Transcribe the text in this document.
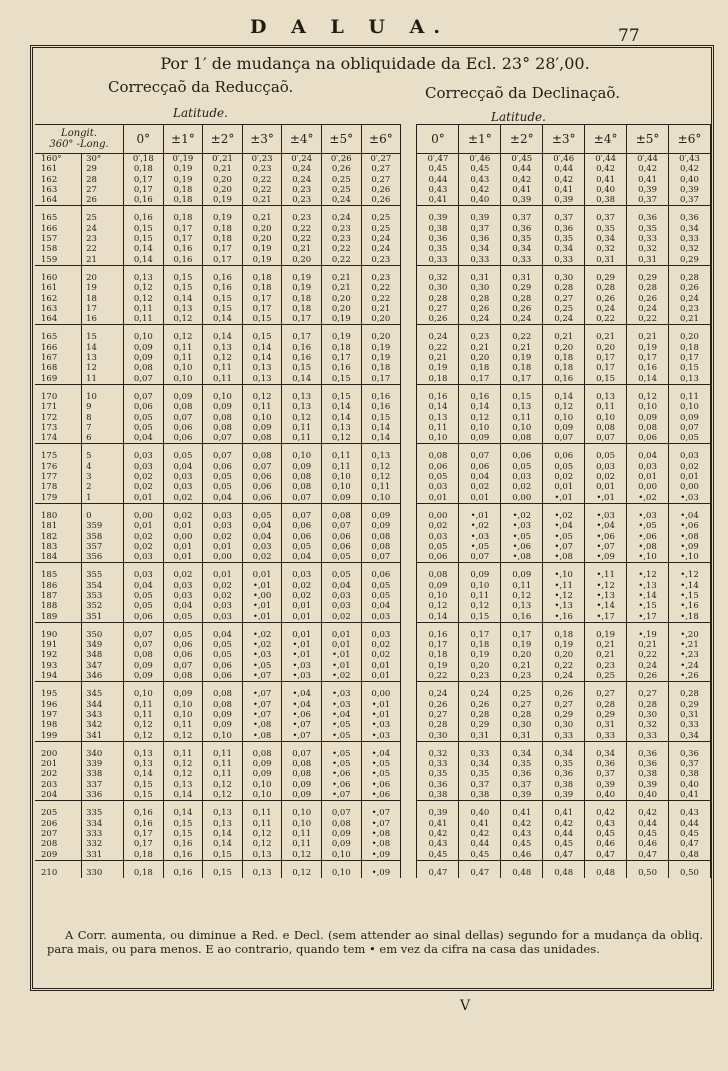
D A L U A.	77
Por 1′ de mudança na obliquidade da Ecl. 23° 28′,00.
Correcçaõ da Reducçaõ.	Correcçaõ da Declinaçaõ.
Latitude.	Latitude.
Longit.
360° -Long.		0°	±1°	±2°	±3°	±4°	±5°	±6°		0°	±1°	±2°	±3°	±4°	±5°	±6°
160°	30°	0′,18	0′,19	0′,21	0′,23	0′,24	0′,26	0′,27		0′,47	0′,46	0′,45	0′,46	0′,44	0′,44	0′,43
161	29	0,18	0,19	0,21	0,23	0,24	0,26	0,27		0,45	0,45	0,44	0,44	0,42	0,42	0,42
162	28	0,17	0,19	0,20	0,22	0,24	0,25	0,27		0,44	0,43	0,42	0,42	0,41	0,41	0,40
163	27	0,17	0,18	0,20	0,22	0,23	0,25	0,26		0,43	0,42	0,41	0,41	0,40	0,39	0,39
164	26	0,16	0,18	0,19	0,21	0,23	0,24	0,26		0,41	0,40	0,39	0,39	0,38	0,37	0,37
165	25	0,16	0,18	0,19	0,21	0,23	0,24	0,25		0,39	0,39	0,37	0,37	0,37	0,36	0,36
166	24	0,15	0,17	0,18	0,20	0,22	0,23	0,25		0,38	0,37	0,36	0,36	0,35	0,35	0,34
157	23	0,15	0,17	0,18	0,20	0,22	0,23	0,24		0,36	0,36	0,35	0,35	0,34	0,33	0,33
158	22	0,14	0,16	0,17	0,19	0,21	0,22	0,24		0,35	0,34	0,34	0,34	0,32	0,32	0,32
159	21	0,14	0,16	0,17	0,19	0,20	0,22	0,23		0,33	0,33	0,33	0,33	0,31	0,31	0,29
160	20	0,13	0,15	0,16	0,18	0,19	0,21	0,23		0,32	0,31	0,31	0,30	0,29	0,29	0,28
161	19	0,12	0,15	0,16	0,18	0,19	0,21	0,22		0,30	0,30	0,29	0,28	0,28	0,28	0,26
162	18	0,12	0,14	0,15	0,17	0,18	0,20	0,22		0,28	0,28	0,28	0,27	0,26	0,26	0,24
163	17	0,11	0,13	0,15	0,17	0,18	0,20	0,21		0,27	0,26	0,26	0,25	0,24	0,24	0,23
164	16	0,11	0,12	0,14	0,15	0,17	0,19	0,20		0,26	0,24	0,24	0,24	0,22	0,22	0,21
165	15	0,10	0,12	0,14	0,15	0,17	0,19	0,20		0,24	0,23	0,22	0,21	0,21	0,21	0,20
166	14	0,09	0,11	0,13	0,14	0,16	0,18	0,19		0,22	0,21	0,21	0,20	0,20	0,19	0,18
167	13	0,09	0,11	0,12	0,14	0,16	0,17	0,19		0,21	0,20	0,19	0,18	0,17	0,17	0,17
168	12	0,08	0,10	0,11	0,13	0,15	0,16	0,18		0,19	0,18	0,18	0,18	0,17	0,16	0,15
169	11	0,07	0,10	0,11	0,13	0,14	0,15	0,17		0,18	0,17	0,17	0,16	0,15	0,14	0,13
170	10	0,07	0,09	0,10	0,12	0,13	0,15	0,16		0,16	0,16	0,15	0,14	0,13	0,12	0,11
171	9	0,06	0,08	0,09	0,11	0,13	0,14	0,16		0,14	0,14	0,13	0,12	0,11	0,10	0,10
172	8	0,05	0,07	0,08	0,10	0,12	0,14	0,15		0,13	0,12	0,11	0,10	0,10	0,09	0,09
173	7	0,05	0,06	0,08	0,09	0,11	0,13	0,14		0,11	0,10	0,10	0,09	0,08	0,08	0,07
174	6	0,04	0,06	0,07	0,08	0,11	0,12	0,14		0,10	0,09	0,08	0,07	0,07	0,06	0,05
175	5	0,03	0,05	0,07	0,08	0,10	0,11	0,13		0,08	0,07	0,06	0,06	0,05	0,04	0,03
176	4	0,03	0,04	0,06	0,07	0,09	0,11	0,12		0,06	0,06	0,05	0,05	0,03	0,03	0,02
177	3	0,02	0,03	0,05	0,06	0,08	0,10	0,12		0,05	0,04	0,03	0,02	0,02	0,01	0,01
178	2	0,02	0,03	0,05	0,06	0,08	0,10	0,11		0,03	0,02	0,02	0,01	0,01	0,00	0,00
179	1	0,01	0,02	0,04	0,06	0,07	0,09	0,10		0,01	0,01	0,00	•,01	•,01	•,02	•,03
180	0	0,00	0,02	0,03	0,05	0,07	0,08	0,09		0,00	•,01	•,02	•,02	•,03	•,03	•,04
181	359	0,01	0,01	0,03	0,04	0,06	0,07	0,09		0,02	•,02	•,03	•,04	•,04	•,05	•,06
182	358	0,02	0,00	0,02	0,04	0,06	0,06	0,08		0,03	•,03	•,05	•,05	•,06	•,06	•,08
183	357	0,02	0,01	0,01	0,03	0,05	0,06	0,08		0,05	•,05	•,06	•,07	•,07	•,08	•,09
184	356	0,03	0,01	0,00	0,02	0,04	0,05	0,07		0,06	0,07	•,08	•,08	•,09	•,10	•,10
185	355	0,03	0,02	0,01	0,01	0,03	0,05	0,06		0,08	0,09	0,09	•,10	•,11	•,12	•,12
186	354	0,04	0,03	0,02	•,01	0,02	0,04	0,05		0,09	0,10	0,11	•,11	•,12	•,13	•,14
187	353	0,05	0,03	0,02	•,00	0,02	0,03	0,05		0,10	0,11	0,12	•,12	•,13	•,14	•,15
188	352	0,05	0,04	0,03	•,01	0,01	0,03	0,04		0,12	0,12	0,13	•,13	•,14	•,15	•,16
189	351	0,06	0,05	0,03	•,01	0,01	0,02	0,03		0,14	0,15	0,16	•,16	•,17	•,17	•,18
190	350	0,07	0,05	0,04	•,02	0,01	0,01	0,03		0,16	0,17	0,17	0,18	0,19	•,19	•,20
191	349	0,07	0,06	0,05	•,02	•,01	0,01	0,02		0,17	0,18	0,19	0,19	0,21	0,21	•,21
192	348	0,08	0,06	0,05	•,03	•,01	•,01	0,02		0,18	0,19	0,20	0,20	0,21	0,22	•,23
193	347	0,09	0,07	0,06	•,05	•,03	•,01	0,01		0,19	0,20	0,21	0,22	0,23	0,24	•,24
194	346	0,09	0,08	0,06	•,07	•,03	•,02	0,01		0,22	0,23	0,23	0,24	0,25	0,26	•,26
195	345	0,10	0,09	0,08	•,07	•,04	•,03	0,00		0,24	0,24	0,25	0,26	0,27	0,27	0,28
196	344	0,11	0,10	0,08	•,07	•,04	•,03	•,01		0,26	0,26	0,27	0,27	0,28	0,28	0,29
197	343	0,11	0,10	0,09	•,07	•,06	•,04	•,01		0,27	0,28	0,28	0,29	0,29	0,30	0,31
198	342	0,12	0,11	0,09	•,08	•,07	•,05	•,03		0,28	0,29	0,30	0,30	0,31	0,32	0,33
199	341	0,12	0,12	0,10	•,08	•,07	•,05	•,03		0,30	0,31	0,31	0,33	0,33	0,33	0,34
200	340	0,13	0,11	0,11	0,08	0,07	•,05	•,04		0,32	0,33	0,34	0,34	0,34	0,36	0,36
201	339	0,13	0,12	0,11	0,09	0,08	•,05	•,05		0,33	0,34	0,35	0,35	0,36	0,36	0,37
202	338	0,14	0,12	0,11	0,09	0,08	•,06	•,05		0,35	0,35	0,36	0,36	0,37	0,38	0,38
203	337	0,15	0,13	0,12	0,10	0,09	•,06	•,06		0,36	0,37	0,37	0,38	0,39	0,39	0,40
204	336	0,15	0,14	0,12	0,10	0,09	•,07	•,06		0,38	0,38	0,39	0,39	0,40	0,40	0,41
205	335	0,16	0,14	0,13	0,11	0,10	0,07	•,07		0,39	0,40	0,41	0,41	0,42	0,42	0,43
206	334	0,16	0,15	0,13	0,11	0,10	0,08	•,07		0,41	0,41	0,42	0,42	0,43	0,44	0,44
207	333	0,17	0,15	0,14	0,12	0,11	0,09	•,08		0,42	0,42	0,43	0,44	0,45	0,45	0,45
208	332	0,17	0,16	0,14	0,12	0,11	0,09	•,08		0,43	0,44	0,45	0,45	0,46	0,46	0,47
209	331	0,18	0,16	0,15	0,13	0,12	0,10	•,09		0,45	0,45	0,46	0,47	0,47	0,47	0,48
210	330	0,18	0,16	0,15	0,13	0,12	0,10	•,09		0,47	0,47	0,48	0,48	0,48	0,50	0,50
A Corr. aumenta, ou diminue a Red. e Decl. (sem attender ao sinal dellas) segundo for a mudança da obliq. para mais, ou para menos. E ao contrario, quando tem • em vez da cifra na casa das unidades.
V
